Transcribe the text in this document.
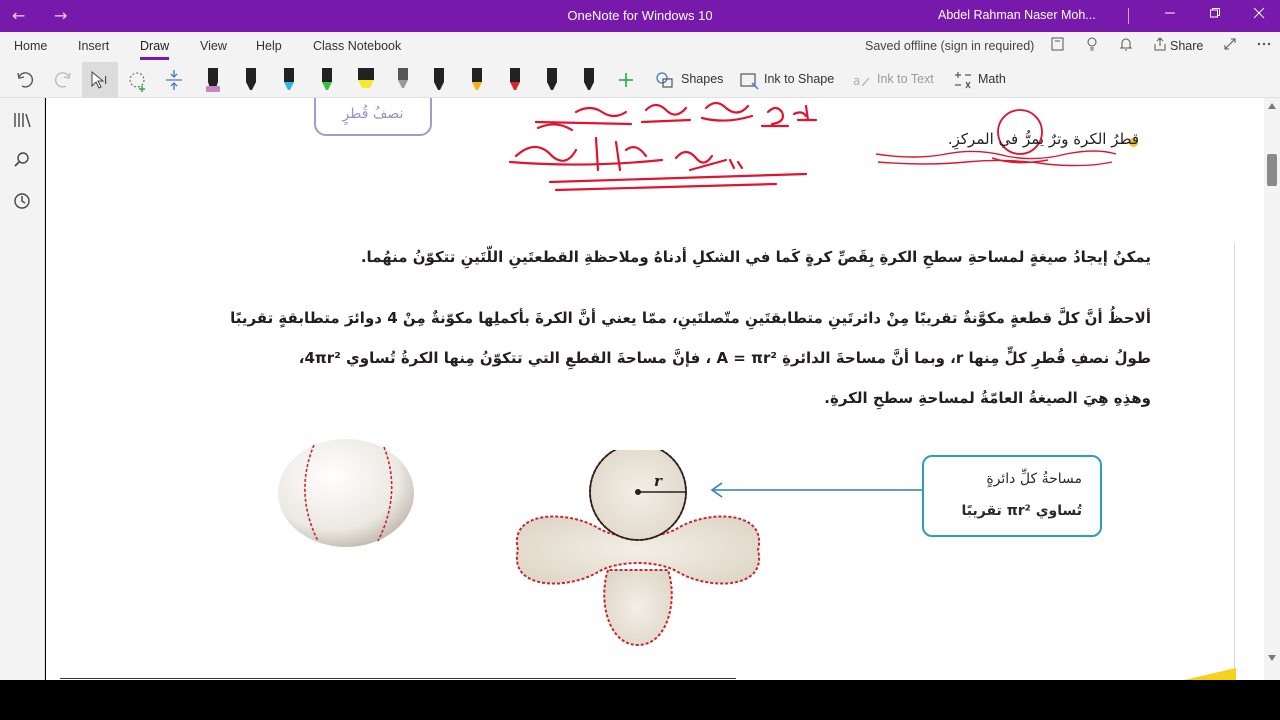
← →	OneNote for Windows 10	Abdel Rahman Naser Moh...
Home Insert Draw View Help	Class Notebook	Saved offline (sign in required)	Share
I	Shapes	Ink to Shape a Ink to Text	Math
نصفُ قُطرٍ
قطرُ الكرة وترٌ يمرُّ في المركزِ.
يمكنُ إيجادُ صيغةٍ لمساحةِ سطحِ الكرةِ بِقَصِّ كرةٍ كَما في الشكلِ أدناهُ وملاحظةِ القطعتَينِ اللّتَينِ تتكوّنُ منهُما.
ألاحظُ أنَّ كلَّ قطعةٍ مكوَّنةٌ تقريبًا مِنْ دائرتَينِ متطابقتَينِ متّصلتَينِ، ممّا يعني أنَّ الكرةَ بأكملِها مكوّنةٌ مِنْ 4 دوائرَ متطابقةٍ تقريبًا
طولُ نصفِ قُطرِ كلٍّ مِنها r، وبما أنَّ مساحةَ الدائرةِ A = πr² ، فإنَّ مساحةَ القطعِ التي تتكوّنُ مِنها الكرةُ تُساوي 4πr²،
وهذِهِ هِيَ الصيغةُ العامّةُ لمساحةِ سطحِ الكرةِ.
r	مساحةُ كلِّ دائرةٍ
تُساوي πr² تقريبًا
